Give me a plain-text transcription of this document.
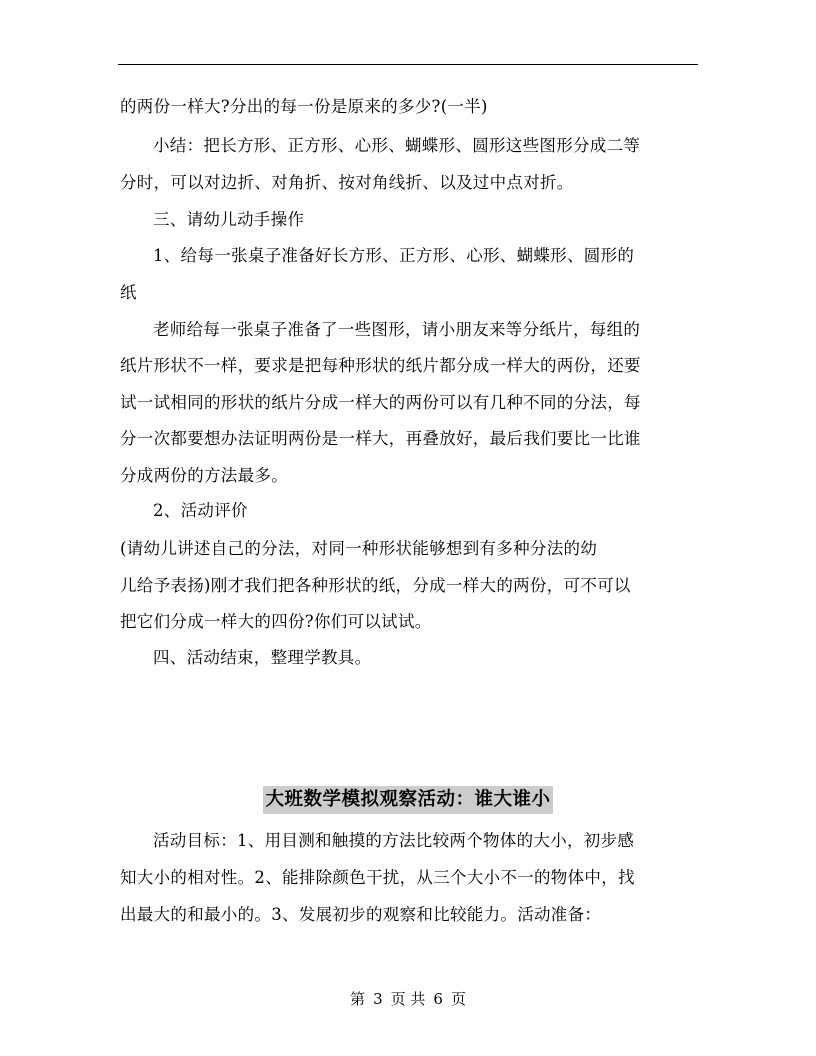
的两份一样大?分出的每一份是原来的多少?(一半)
小结：把长方形、正方形、心形、蝴蝶形、圆形这些图形分成二等
分时，可以对边折、对角折、按对角线折、以及过中点对折。
三、请幼儿动手操作
1、给每一张桌子准备好长方形、正方形、心形、蝴蝶形、圆形的
纸
老师给每一张桌子准备了一些图形，请小朋友来等分纸片，每组的
纸片形状不一样，要求是把每种形状的纸片都分成一样大的两份，还要
试一试相同的形状的纸片分成一样大的两份可以有几种不同的分法，每
分一次都要想办法证明两份是一样大，再叠放好，最后我们要比一比谁
分成两份的方法最多。
2、活动评价
(请幼儿讲述自己的分法，对同一种形状能够想到有多种分法的幼
儿给予表扬)刚才我们把各种形状的纸，分成一样大的两份，可不可以
把它们分成一样大的四份?你们可以试试。
四、活动结束，整理学教具。
大班数学模拟观察活动：谁大谁小
活动目标：1、用目测和触摸的方法比较两个物体的大小，初步感
知大小的相对性。2、能排除颜色干扰，从三个大小不一的物体中，找
出最大的和最小的。3、发展初步的观察和比较能力。活动准备：
第 3 页 共 6 页
